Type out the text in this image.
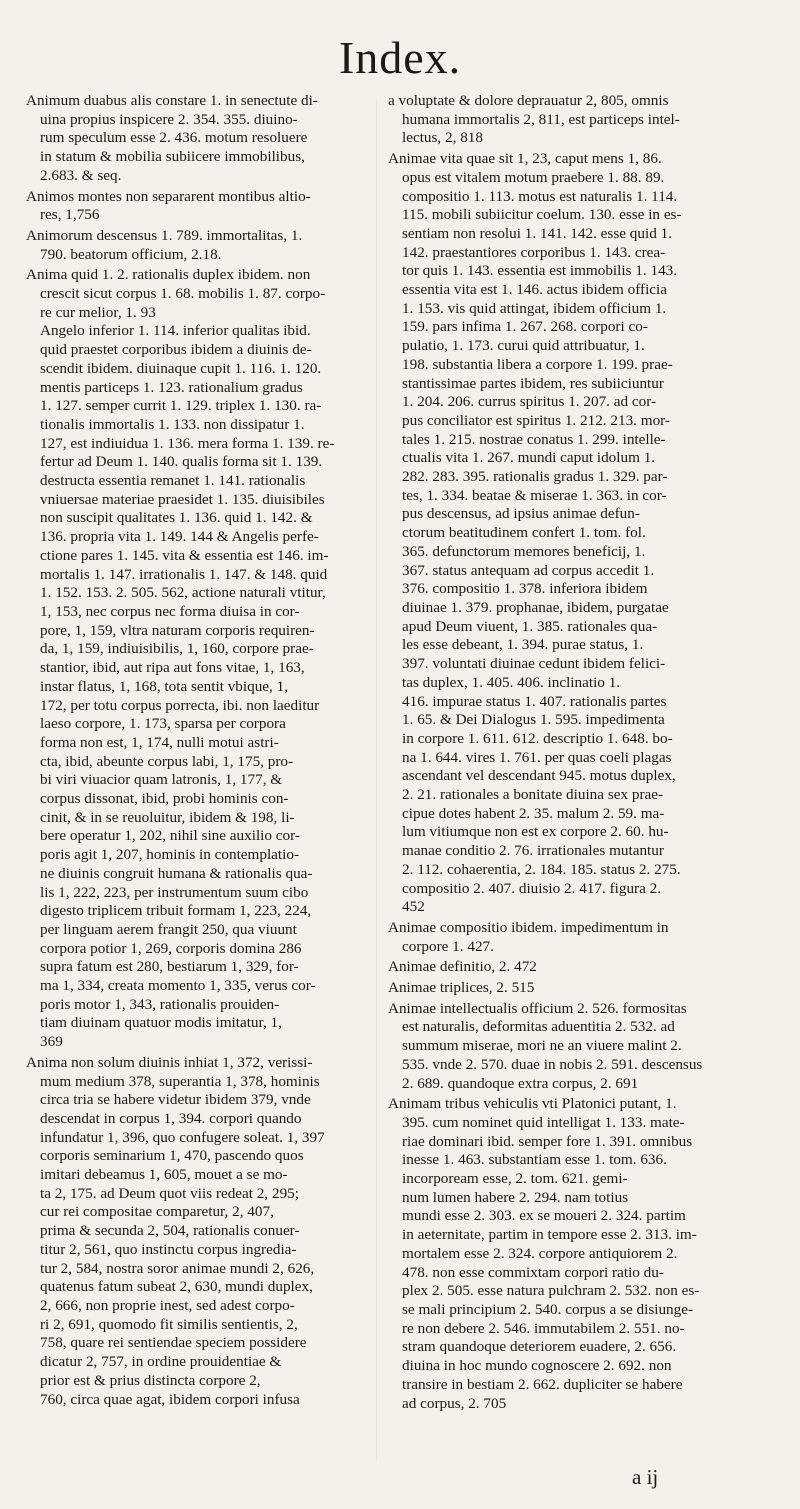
Index.

Animum duabus alis constare 1. in senectute di-
uina propius inspicere 2. 354. 355. diuino-
rum speculum esse 2. 436. motum resoluere
in statum & mobilia subiicere immobilibus,
2.683. & seq.

Animos montes non separarent montibus altio-
res, 1,756

Animorum descensus 1. 789. immortalitas, 1.
790. beatorum officium, 2.18.

Anima quid 1. 2. rationalis duplex ibidem. non
crescit sicut corpus 1. 68. mobilis 1. 87. corpo-
re cur melior, 1. 93
Angelo inferior 1. 114. inferior qualitas ibid.
quid praestet corporibus ibidem a diuinis de-
scendit ibidem. diuinaque cupit 1. 116. 1. 120.
mentis particeps 1. 123. rationalium gradus
1. 127. semper currit 1. 129. triplex 1. 130. ra-
tionalis immortalis 1. 133. non dissipatur 1.
127, est indiuidua 1. 136. mera forma 1. 139. re-
fertur ad Deum 1. 140. qualis forma sit 1. 139.
destructa essentia remanet 1. 141. rationalis
vniuersae materiae praesidet 1. 135. diuisibiles
non suscipit qualitates 1. 136. quid 1. 142. &
136. propria vita 1. 149. 144 & Angelis perfe-
ctione pares 1. 145. vita & essentia est 146. im-
mortalis 1. 147. irrationalis 1. 147. & 148. quid
1. 152. 153. 2. 505. 562, actione naturali vtitur,
1, 153, nec corpus nec forma diuisa in cor-
pore, 1, 159, vltra naturam corporis requiren-
da, 1, 159, indiuisibilis, 1, 160, corpore prae-
stantior, ibid, aut ripa aut fons vitae, 1, 163,
instar flatus, 1, 168, tota sentit vbique, 1,
172, per totu corpus porrecta, ibi. non laeditur
laeso corpore, 1. 173, sparsa per corpora
forma non est, 1, 174, nulli motui astri-
cta, ibid, abeunte corpus labi, 1, 175, pro-
bi viri viuacior quam latronis, 1, 177, &
corpus dissonat, ibid, probi hominis con-
cinit, & in se reuoluitur, ibidem & 198, li-
bere operatur 1, 202, nihil sine auxilio cor-
poris agit 1, 207, hominis in contemplatio-
ne diuinis congruit humana & rationalis qua-
lis 1, 222, 223, per instrumentum suum cibo
digesto triplicem tribuit formam 1, 223, 224,
per linguam aerem frangit 250, qua viuunt
corpora potior 1, 269, corporis domina 286
supra fatum est 280, bestiarum 1, 329, for-
ma 1, 334, creata momento 1, 335, verus cor-
poris motor 1, 343, rationalis prouiden-
tiam diuinam quatuor modis imitatur, 1,
369

Anima non solum diuinis inhiat 1, 372, verissi-
mum medium 378, superantia 1, 378, hominis
circa tria se habere videtur ibidem 379, vnde
descendat in corpus 1, 394. corpori quando
infundatur 1, 396, quo confugere soleat. 1, 397
corporis seminarium 1, 470, pascendo quos
imitari debeamus 1, 605, mouet a se mo-
ta 2, 175. ad Deum quot viis redeat 2, 295;
cur rei compositae comparetur, 2, 407,
prima & secunda 2, 504, rationalis conuer-
titur 2, 561, quo instinctu corpus ingredia-
tur 2, 584, nostra soror animae mundi 2, 626,
quatenus fatum subeat 2, 630, mundi duplex,
2, 666, non proprie inest, sed adest corpo-
ri 2, 691, quomodo fit similis sentientis, 2,
758, quare rei sentiendae speciem possidere
dicatur 2, 757, in ordine prouidentiae &
prior est & prius distincta corpore 2,
760, circa quae agat, ibidem corpori infusa

a voluptate & dolore deprauatur 2, 805, omnis
humana immortalis 2, 811, est particeps intel-
lectus, 2, 818

Animae vita quae sit 1, 23, caput mens 1, 86.
opus est vitalem motum praebere 1. 88. 89.
compositio 1. 113. motus est naturalis 1. 114.
115. mobili subiicitur coelum. 130. esse in es-
sentiam non resolui 1. 141. 142. esse quid 1.
142. praestantiores corporibus 1. 143. crea-
tor quis 1. 143. essentia est immobilis 1. 143.
essentia vita est 1. 146. actus ibidem officia
1. 153. vis quid attingat, ibidem officium 1.
159. pars infima 1. 267. 268. corpori co-
pulatio, 1. 173. curui quid attribuatur, 1.
198. substantia libera a corpore 1. 199. prae-
stantissimae partes ibidem, res subiiciuntur
1. 204. 206. currus spiritus 1. 207. ad cor-
pus conciliator est spiritus 1. 212. 213. mor-
tales 1. 215. nostrae conatus 1. 299. intelle-
ctualis vita 1. 267. mundi caput idolum 1.
282. 283. 395. rationalis gradus 1. 329. par-
tes, 1. 334. beatae & miserae 1. 363. in cor-
pus descensus, ad ipsius animae defun-
ctorum beatitudinem confert 1. tom. fol.
365. defunctorum memores beneficij, 1.
367. status antequam ad corpus accedit 1.
376. compositio 1. 378. inferiora ibidem
diuinae 1. 379. prophanae, ibidem, purgatae
apud Deum viuent, 1. 385. rationales qua-
les esse debeant, 1. 394. purae status, 1.
397. voluntati diuinae cedunt ibidem felici-
tas duplex, 1. 405. 406. inclinatio 1.
416. impurae status 1. 407. rationalis partes
1. 65. & Dei Dialogus 1. 595. impedimenta
in corpore 1. 611. 612. descriptio 1. 648. bo-
na 1. 644. vires 1. 761. per quas coeli plagas
ascendant vel descendant 945. motus duplex,
2. 21. rationales a bonitate diuina sex prae-
cipue dotes habent 2. 35. malum 2. 59. ma-
lum vitiumque non est ex corpore 2. 60. hu-
manae conditio 2. 76. irrationales mutantur
2. 112. cohaerentia, 2. 184. 185. status 2. 275.
compositio 2. 407. diuisio 2. 417. figura 2.
452

Animae compositio ibidem. impedimentum in
corpore 1. 427.

Animae definitio, 2. 472

Animae triplices, 2. 515

Animae intellectualis officium 2. 526. formositas
est naturalis, deformitas aduentitia 2. 532. ad
summum miserae, mori ne an viuere malint 2.
535. vnde 2. 570. duae in nobis 2. 591. descensus
2. 689. quandoque extra corpus, 2. 691

Animam tribus vehiculis vti Platonici putant, 1.
395. cum nominet quid intelligat 1. 133. mate-
riae dominari ibid. semper fore 1. 391. omnibus
inesse 1. 463. substantiam esse 1. tom. 636.
incorpoream esse, 2. tom. 621. gemi-
num lumen habere 2. 294. nam totius
mundi esse 2. 303. ex se moueri 2. 324. partim
in aeternitate, partim in tempore esse 2. 313. im-
mortalem esse 2. 324. corpore antiquiorem 2.
478. non esse commixtam corpori ratio du-
plex 2. 505. esse natura pulchram 2. 532. non es-
se mali principium 2. 540. corpus a se disiunge-
re non debere 2. 546. immutabilem 2. 551. no-
stram quandoque deteriorem euadere, 2. 656.
diuina in hoc mundo cognoscere 2. 692. non
transire in bestiam 2. 662. dupliciter se habere
ad corpus, 2. 705

a ij
